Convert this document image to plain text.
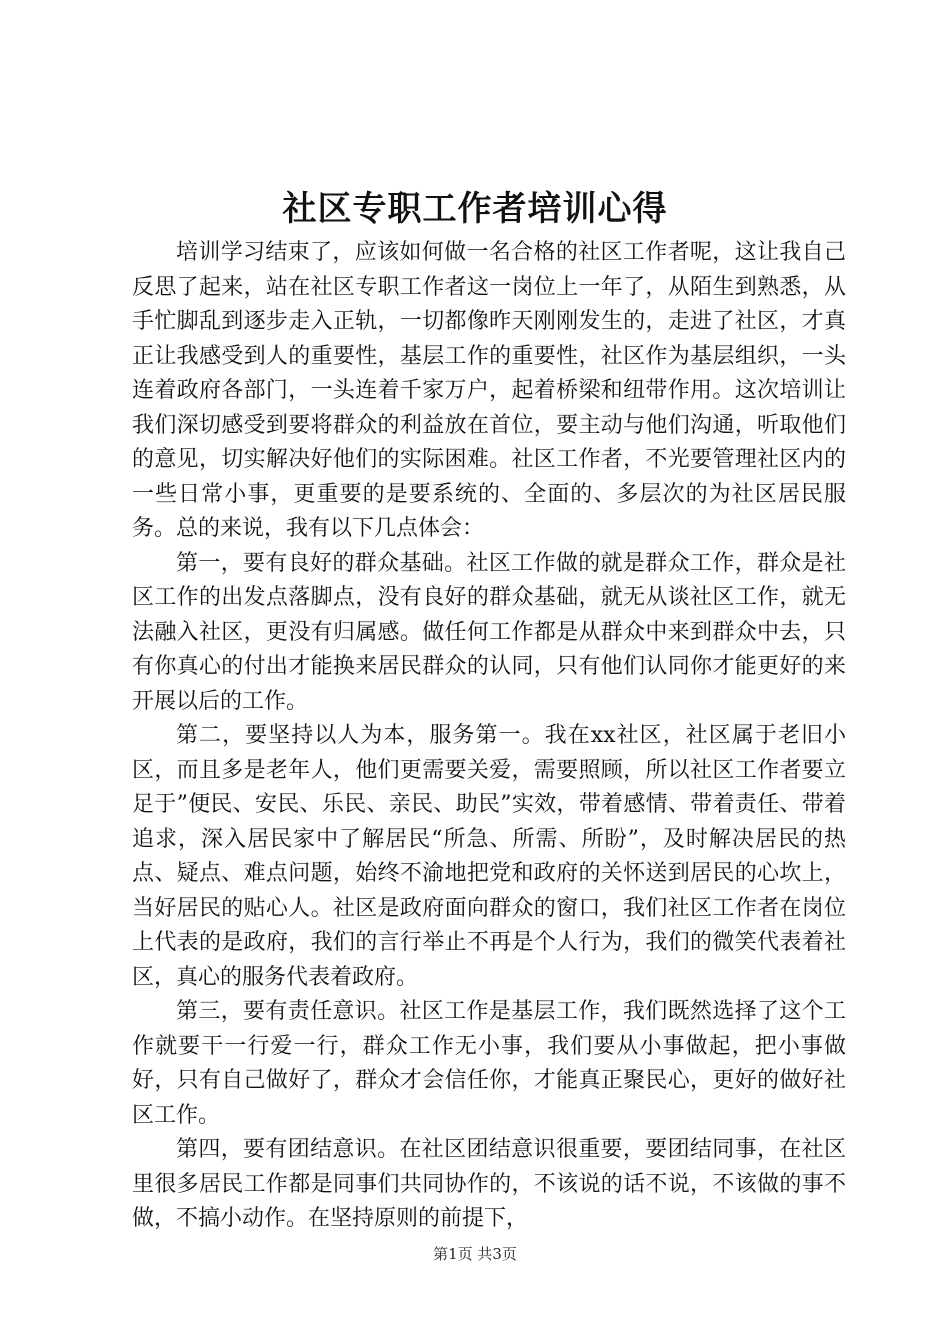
社区专职工作者培训心得

培训学习结束了，应该如何做一名合格的社区工作者呢，这让我自己反思了起来，站在社区专职工作者这一岗位上一年了，从陌生到熟悉，从手忙脚乱到逐步走入正轨，一切都像昨天刚刚发生的，走进了社区，才真正让我感受到人的重要性，基层工作的重要性，社区作为基层组织，一头连着政府各部门，一头连着千家万户，起着桥梁和纽带作用。这次培训让我们深切感受到要将群众的利益放在首位，要主动与他们沟通，听取他们的意见，切实解决好他们的实际困难。社区工作者，不光要管理社区内的一些日常小事，更重要的是要系统的、全面的、多层次的为社区居民服务。总的来说，我有以下几点体会：

第一，要有良好的群众基础。社区工作做的就是群众工作，群众是社区工作的出发点落脚点，没有良好的群众基础，就无从谈社区工作，就无法融入社区，更没有归属感。做任何工作都是从群众中来到群众中去，只有你真心的付出才能换来居民群众的认同，只有他们认同你才能更好的来开展以后的工作。

第二，要坚持以人为本，服务第一。我在xx社区，社区属于老旧小区，而且多是老年人，他们更需要关爱，需要照顾，所以社区工作者要立足于”便民、安民、乐民、亲民、助民”实效，带着感情、带着责任、带着追求，深入居民家中了解居民“所急、所需、所盼”，及时解决居民的热点、疑点、难点问题，始终不渝地把党和政府的关怀送到居民的心坎上，当好居民的贴心人。社区是政府面向群众的窗口，我们社区工作者在岗位上代表的是政府，我们的言行举止不再是个人行为，我们的微笑代表着社区，真心的服务代表着政府。

第三，要有责任意识。社区工作是基层工作，我们既然选择了这个工作就要干一行爱一行，群众工作无小事，我们要从小事做起，把小事做好，只有自己做好了，群众才会信任你，才能真正聚民心，更好的做好社区工作。

第四，要有团结意识。在社区团结意识很重要，要团结同事，在社区里很多居民工作都是同事们共同协作的，不该说的话不说，不该做的事不做，不搞小动作。在坚持原则的前提下，

第1页 共3页
